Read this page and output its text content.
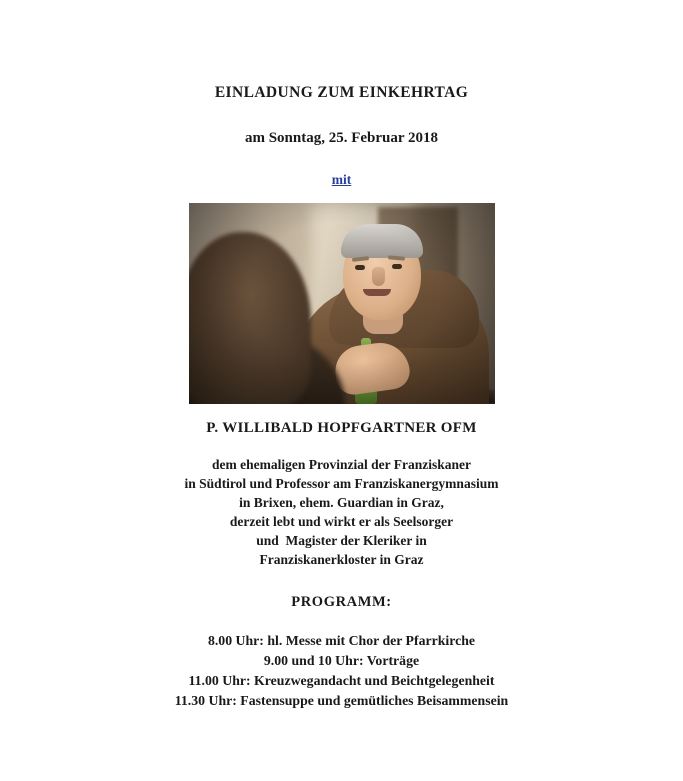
EINLADUNG ZUM EINKEHRTAG
am Sonntag, 25. Februar 2018
mit
P. WILLIBALD HOPFGARTNER OFM
dem ehemaligen Provinzial der Franziskaner
in Südtirol und Professor am Franziskanergymnasium
in Brixen, ehem. Guardian in Graz,
derzeit lebt und wirkt er als Seelsorger
und  Magister der Kleriker in
Franziskanerkloster in Graz
PROGRAMM:
8.00 Uhr: hl. Messe mit Chor der Pfarrkirche
9.00 und 10 Uhr: Vorträge
11.00 Uhr: Kreuzwegandacht und Beichtgelegenheit
11.30 Uhr: Fastensuppe und gemütliches Beisammensein
